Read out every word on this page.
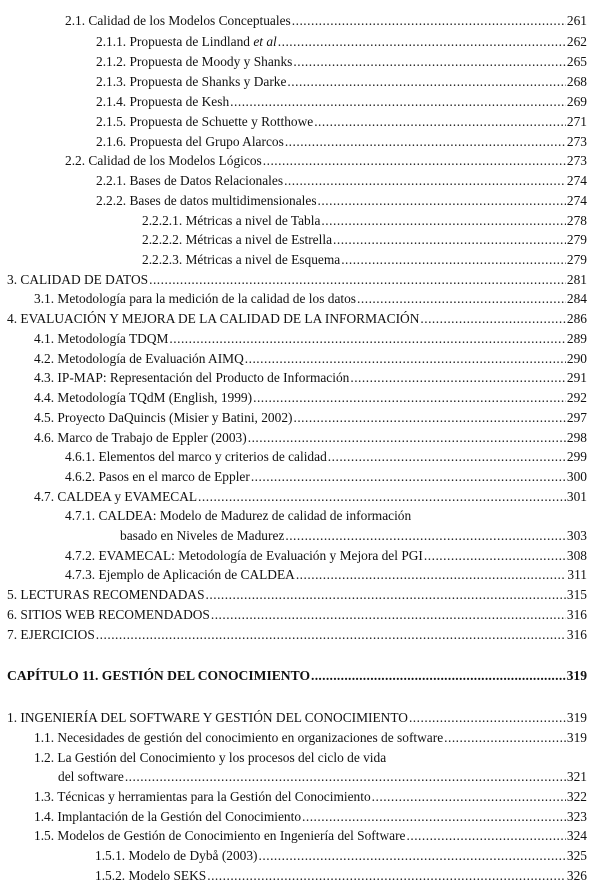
2.1. Calidad de los Modelos Conceptuales .....	261
2.1.1. Propuesta de Lindland et al .....	262
2.1.2. Propuesta de Moody y Shanks .....	265
2.1.3. Propuesta de Shanks y Darke .....	268
2.1.4. Propuesta de Kesh .....	269
2.1.5. Propuesta de Schuette y Rotthowe .....	271
2.1.6. Propuesta del Grupo Alarcos .....	273
2.2. Calidad de los Modelos Lógicos .....	273
2.2.1. Bases de Datos Relacionales .....	274
2.2.2. Bases de datos multidimensionales .....	274
2.2.2.1. Métricas a nivel de Tabla .....	278
2.2.2.2. Métricas a nivel de Estrella .....	279
2.2.2.3. Métricas a nivel de Esquema .....	279
3. CALIDAD DE DATOS .....	281
3.1. Metodología para la medición de la calidad de los datos .....	284
4. EVALUACIÓN Y MEJORA DE LA CALIDAD DE LA INFORMACIÓN .....	286
4.1. Metodología TDQM .....	289
4.2. Metodología de Evaluación AIMQ .....	290
4.3. IP-MAP: Representación del Producto de Información .....	291
4.4. Metodología TQdM (English, 1999) .....	292
4.5. Proyecto DaQuincis (Misier y Batini, 2002) .....	297
4.6. Marco de Trabajo de Eppler (2003) .....	298
4.6.1. Elementos del marco y criterios de calidad .....	299
4.6.2. Pasos en el marco de Eppler .....	300
4.7. CALDEA y EVAMECAL .....	301
4.7.1. CALDEA: Modelo de Madurez de calidad de información
basado en Niveles de Madurez .....	303
4.7.2. EVAMECAL: Metodología de Evaluación y Mejora del PGI .....	308
4.7.3. Ejemplo de Aplicación de CALDEA .....	311
5. LECTURAS RECOMENDADAS .....	315
6. SITIOS WEB RECOMENDADOS .....	316
7. EJERCICIOS .....	316
CAPÍTULO 11. GESTIÓN DEL CONOCIMIENTO .....	319
1. INGENIERÍA DEL SOFTWARE Y GESTIÓN DEL CONOCIMIENTO .....	319
1.1. Necesidades de gestión del conocimiento en organizaciones de software .....	319
1.2. La Gestión del Conocimiento y los procesos del ciclo de vida
del software .....	321
1.3. Técnicas y herramientas para la Gestión del Conocimiento .....	322
1.4. Implantación de la Gestión del Conocimiento .....	323
1.5. Modelos de Gestión de Conocimiento en Ingeniería del Software .....	324
1.5.1. Modelo de Dybå (2003) .....	325
1.5.2. Modelo SEKS .....	326
